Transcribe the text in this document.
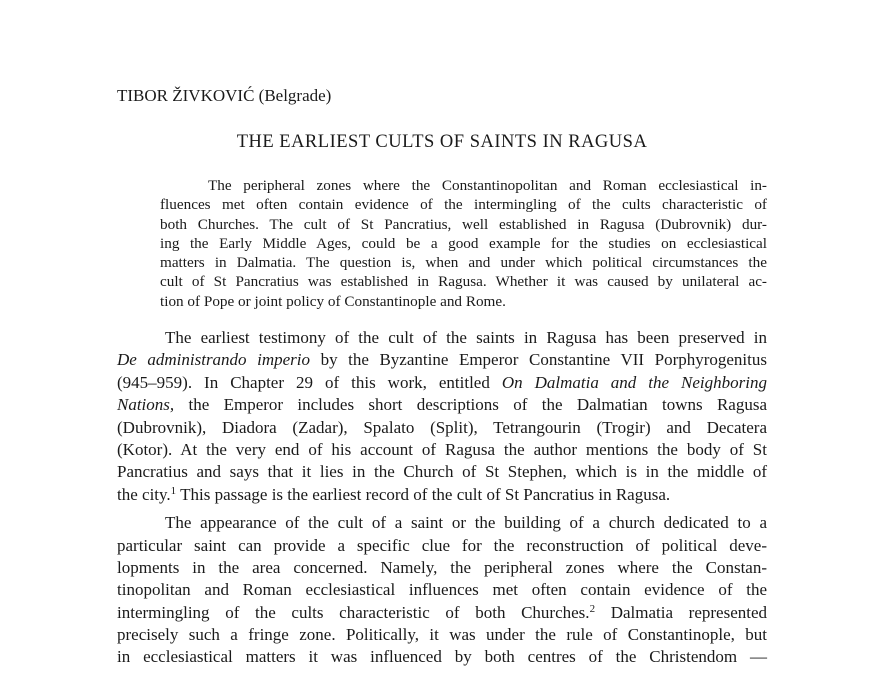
TIBOR ŽIVKOVIĆ (Belgrade)
THE EARLIEST CULTS OF SAINTS IN RAGUSA
The peripheral zones where the Constantinopolitan and Roman ecclesiastical in-
fluences met often contain evidence of the intermingling of the cults characteristic of
both Churches. The cult of St Pancratius, well established in Ragusa (Dubrovnik) dur-
ing the Early Middle Ages, could be a good example for the studies on ecclesiastical
matters in Dalmatia. The question is, when and under which political circumstances the
cult of St Pancratius was established in Ragusa. Whether it was caused by unilateral ac-
tion of Pope or joint policy of Constantinople and Rome.
The earliest testimony of the cult of the saints in Ragusa has been preserved in
De administrando imperio by the Byzantine Emperor Constantine VII Porphyrogenitus
(945–959). In Chapter 29 of this work, entitled On Dalmatia and the Neighboring
Nations, the Emperor includes short descriptions of the Dalmatian towns Ragusa
(Dubrovnik), Diadora (Zadar), Spalato (Split), Tetrangourin (Trogir) and Decatera
(Kotor). At the very end of his account of Ragusa the author mentions the body of St
Pancratius and says that it lies in the Church of St Stephen, which is in the middle of
the city.$^1$ This passage is the earliest record of the cult of St Pancratius in Ragusa.
The appearance of the cult of a saint or the building of a church dedicated to a
particular saint can provide a specific clue for the reconstruction of political deve-
lopments in the area concerned. Namely, the peripheral zones where the Constan-
tinopolitan and Roman ecclesiastical influences met often contain evidence of the
intermingling of the cults characteristic of both Churches.$^2$ Dalmatia represented
precisely such a fringe zone. Politically, it was under the rule of Constantinople, but
in ecclesiastical matters it was influenced by both centres of the Christendom —
